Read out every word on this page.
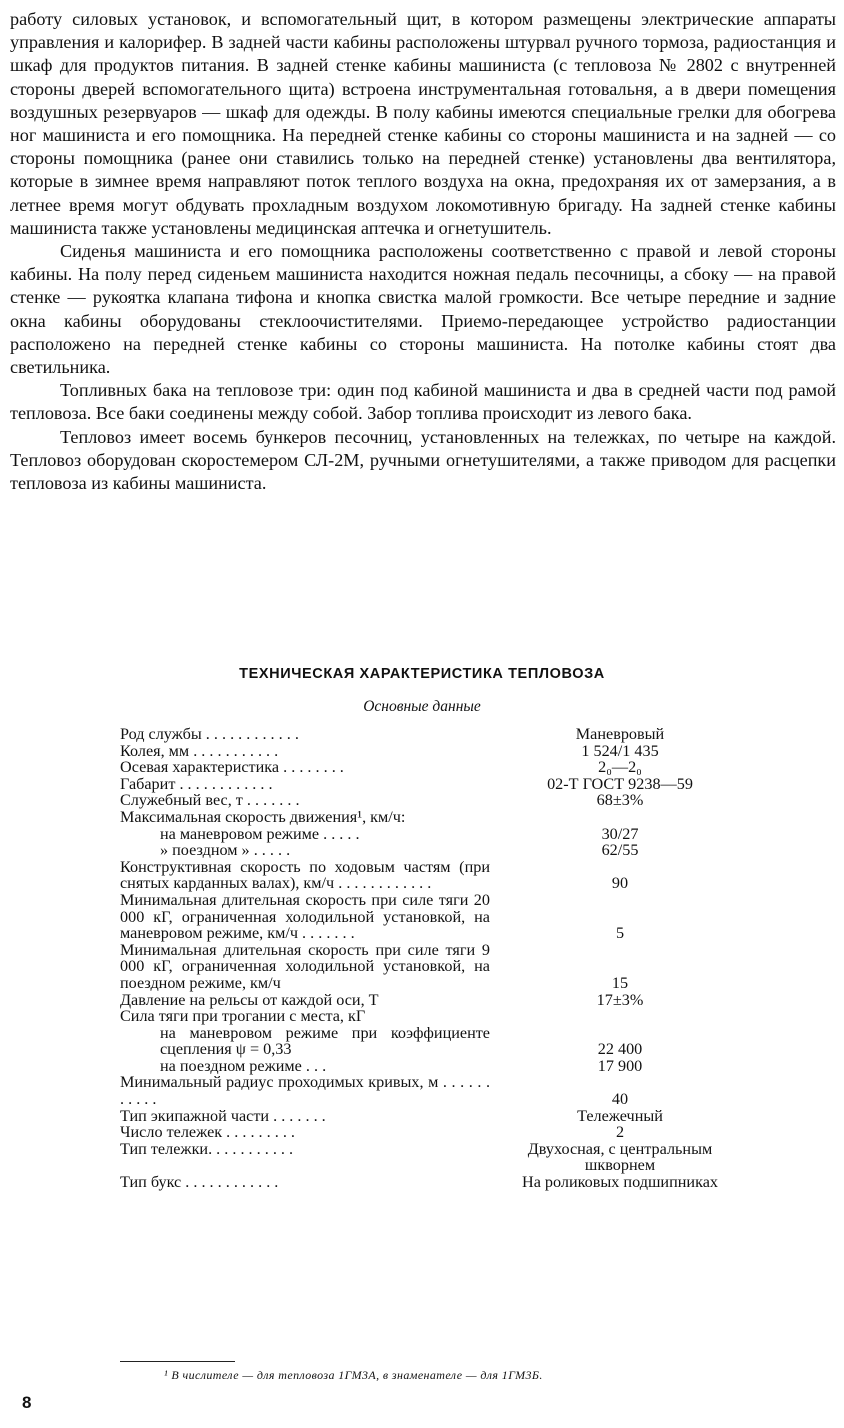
работу силовых установок, и вспомогательный щит, в котором размещены электрические аппараты управления и калорифер. В задней части кабины расположены штурвал ручного тормоза, радиостанция и шкаф для продуктов питания. В задней стенке кабины машиниста (с тепловоза № 2802 с внутренней стороны дверей вспомогательного щита) встроена инструментальная готовальня, а в двери помещения воздушных резервуаров — шкаф для одежды. В полу кабины имеются специальные грелки для обогрева ног машиниста и его помощника. На передней стенке кабины со стороны машиниста и на задней — со стороны помощника (ранее они ставились только на передней стенке) установлены два вентилятора, которые в зимнее время направляют поток теплого воздуха на окна, предохраняя их от замерзания, а в летнее время могут обдувать прохладным воздухом локомотивную бригаду. На задней стенке кабины машиниста также установлены медицинская аптечка и огнетушитель.

Сиденья машиниста и его помощника расположены соответственно с правой и левой стороны кабины. На полу перед сиденьем машиниста находится ножная педаль песочницы, а сбоку — на правой стенке — рукоятка клапана тифона и кнопка свистка малой громкости. Все четыре передние и задние окна кабины оборудованы стеклоочистителями. Приемо-передающее устройство радиостанции расположено на передней стенке кабины со стороны машиниста. На потолке кабины стоят два светильника.

Топливных бака на тепловозе три: один под кабиной машиниста и два в средней части под рамой тепловоза. Все баки соединены между собой. Забор топлива происходит из левого бака.

Тепловоз имеет восемь бункеров песочниц, установленных на тележках, по четыре на каждой. Тепловоз оборудован скоростемером СЛ-2М, ручными огнетушителями, а также приводом для расцепки тепловоза из кабины машиниста.

ТЕХНИЧЕСКАЯ ХАРАКТЕРИСТИКА ТЕПЛОВОЗА
Основные данные
Род службы . . . . . . . . . . . .	Маневровый
Колея, мм . . . . . . . . . . .	1 524/1 435
Осевая характеристика . . . . . . . .	2₀—2₀
Габарит . . . . . . . . . . . .	02-Т ГОСТ 9238—59
Служебный вес, т . . . . . . .	68±3%
Максимальная скорость движения¹, км/ч:
на маневровом режиме . . . . .	30/27
» поездном » . . . . .	62/55
Конструктивная скорость по ходовым частям (при снятых карданных валах), км/ч . . . . . . . . . . . .	90
Минимальная длительная скорость при силе тяги 20 000 кГ, ограниченная холодильной установкой, на маневровом режиме, км/ч . . . . . . .	5
Минимальная длительная скорость при силе тяги 9 000 кГ, ограниченная холодильной установкой, на поездном режиме, км/ч	15
Давление на рельсы от каждой оси, Т	17±3%
Сила тяги при трогании с места, кГ
на маневровом режиме при коэффициенте сцепления ψ = 0,33	22 400
на поездном режиме . . .	17 900
Минимальный радиус проходимых кривых, м . . . . . . . . . . .	40
Тип экипажной части . . . . . . .	Тележечный
Число тележек . . . . . . . . .	2
Тип тележки. . . . . . . . . . .	Двухосная, с центральным шкворнем
Тип букс . . . . . . . . . . . .	На роликовых подшипниках
¹ В числителе — для тепловоза 1ГМ3А, в знаменателе — для 1ГМ3Б.
8
